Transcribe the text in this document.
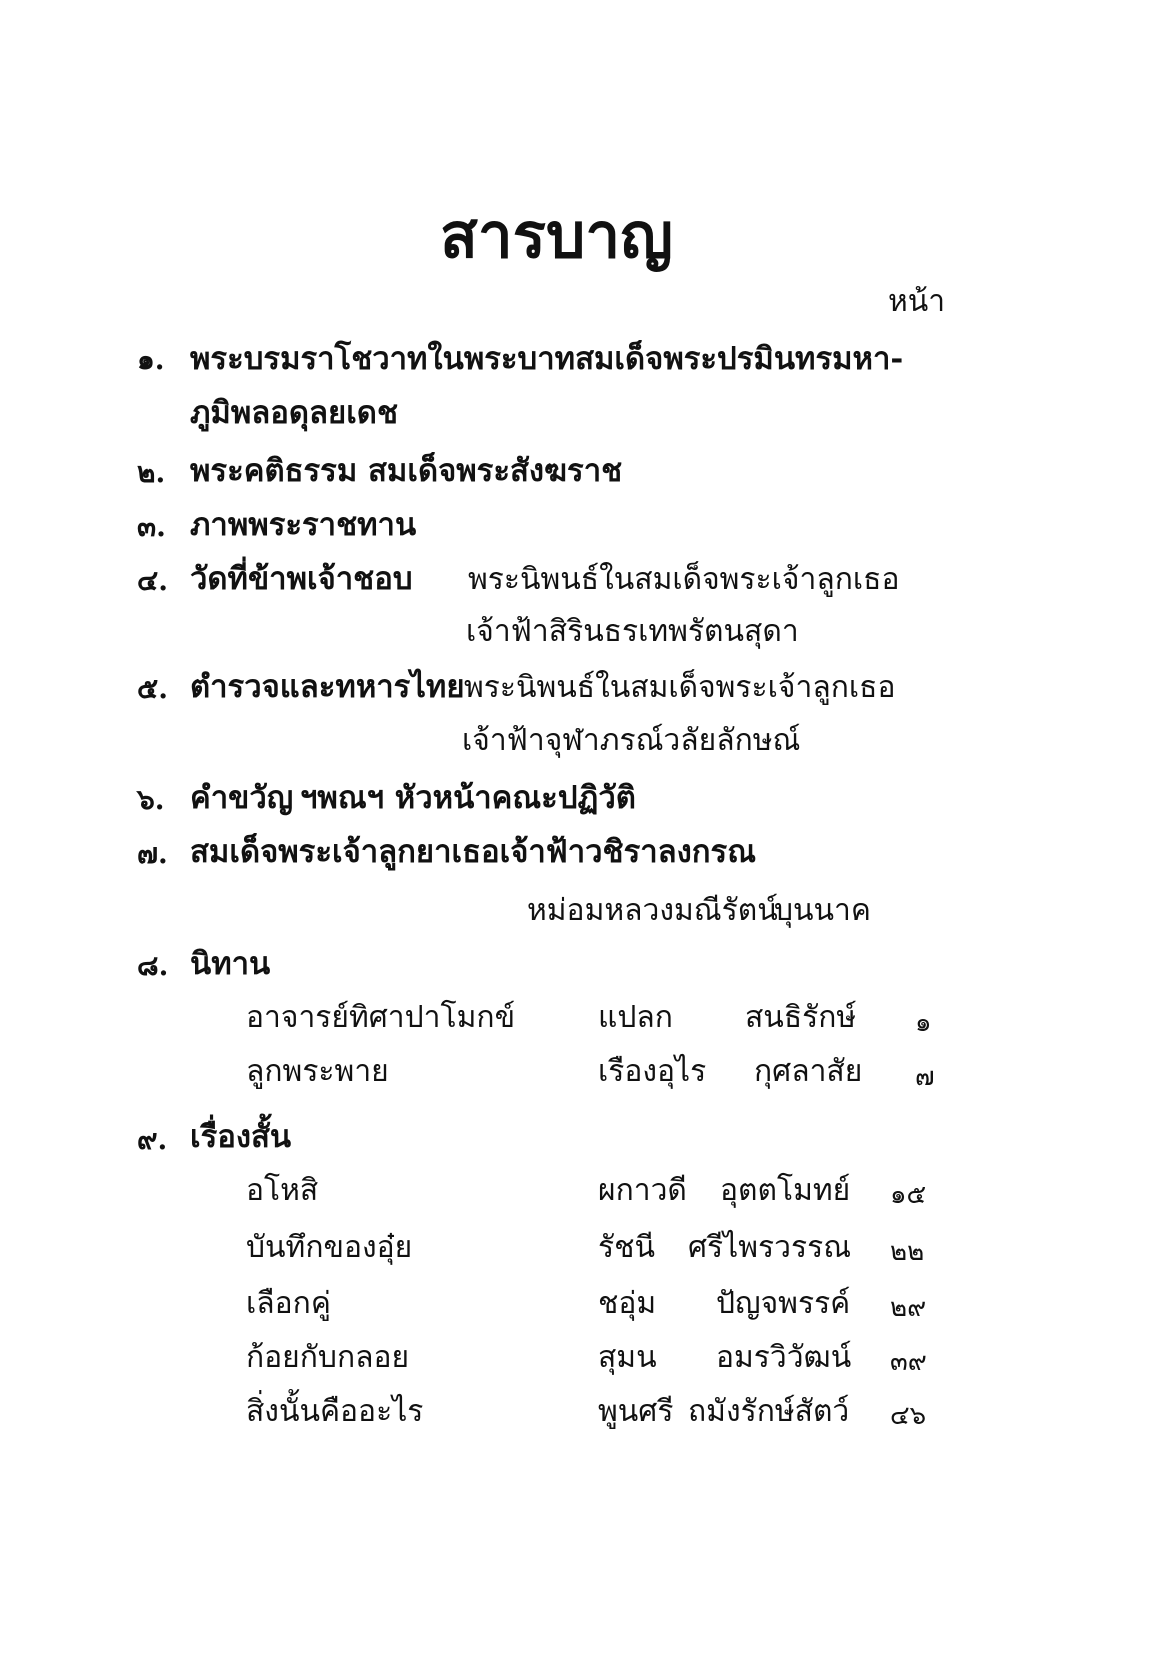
สารบาญ
หน้า
๑. พระบรมราโชวาทในพระบาทสมเด็จพระปรมินทรมหา-
ภูมิพลอดุลยเดช
๒. พระคติธรรม สมเด็จพระสังฆราช
๓. ภาพพระราชทาน
๔. วัดที่ข้าพเจ้าชอบ พระนิพนธ์ในสมเด็จพระเจ้าลูกเธอ
เจ้าฟ้าสิรินธรเทพรัตนสุดา
๕. ตำรวจและทหารไทย พระนิพนธ์ในสมเด็จพระเจ้าลูกเธอ
เจ้าฟ้าจุฬาภรณ์วลัยลักษณ์
๖. คำขวัญ ฯพณฯ หัวหน้าคณะปฏิวัติ
๗. สมเด็จพระเจ้าลูกยาเธอเจ้าฟ้าวชิราลงกรณ
หม่อมหลวงมณีรัตน์
บุนนาค
๘. นิทาน
อาจารย์ทิศาปาโมกข์	แปลก สนธิรักษ์ ๑
ลูกพระพาย	เรืองอุไร กุศลาสัย ๗
๙. เรื่องสั้น
อโหสิ	ผกาวดี อุตตโมทย์ ๑๕
บันทึกของอุ๋ย	รัชนี ศรีไพรวรรณ ๒๒
เลือกคู่	ชอุ่ม ปัญจพรรค์ ๒๙
ก้อยกับกลอย	สุมน อมรวิวัฒน์ ๓๙
สิ่งนั้นคืออะไร	พูนศรี ถมังรักษ์สัตว์ ๔๖
